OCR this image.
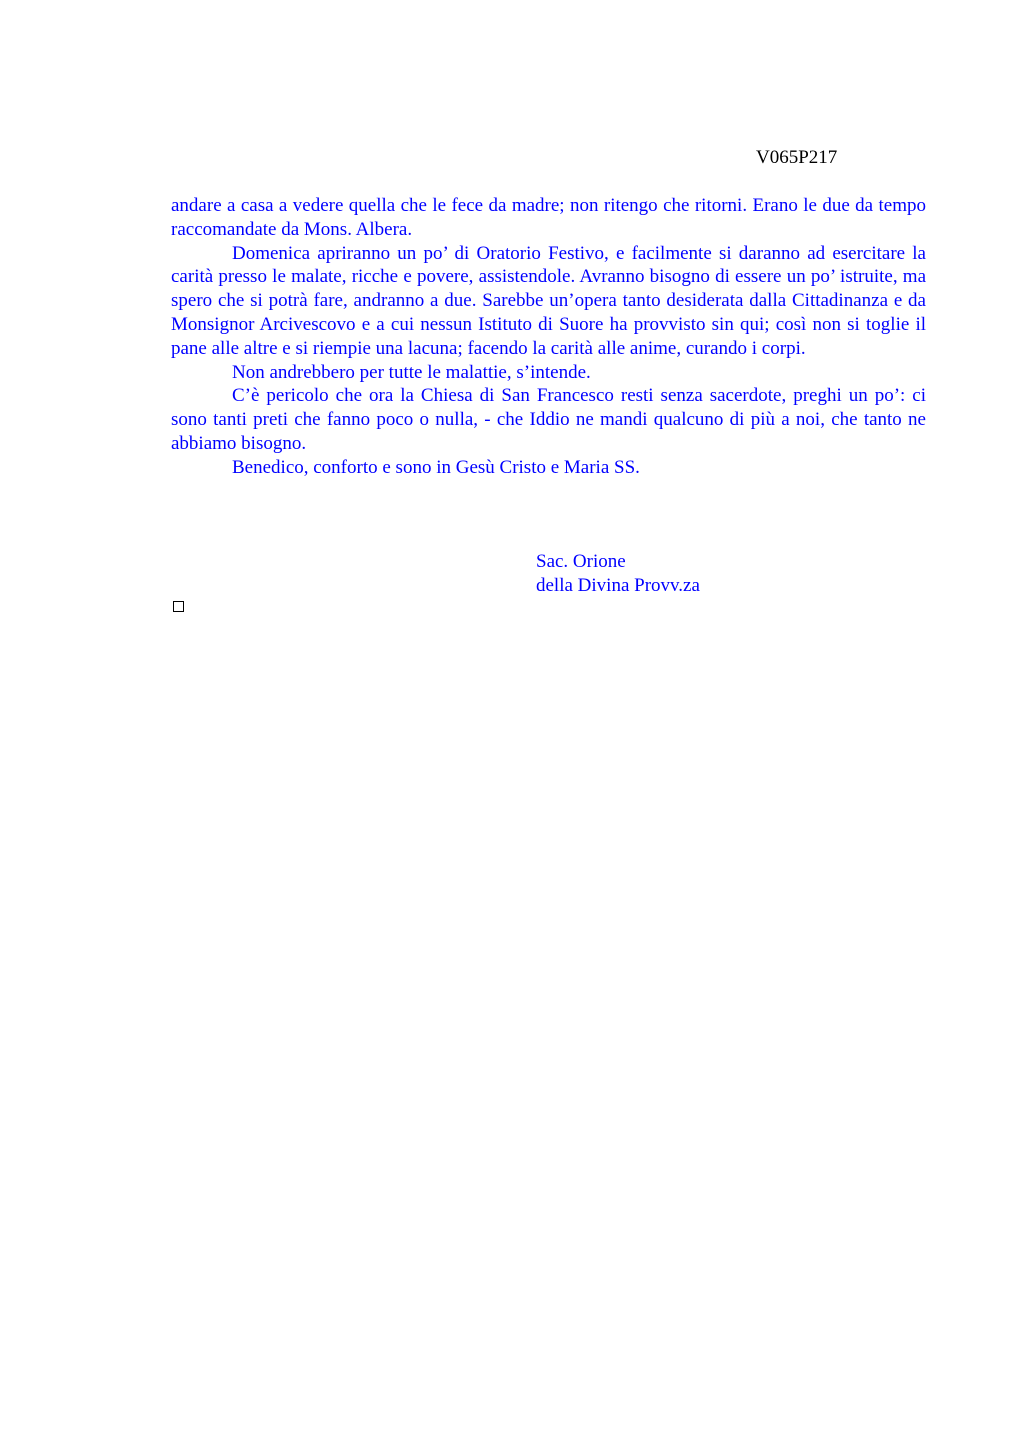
V065P217

andare a casa a vedere quella che le fece da madre; non ritengo che ritorni. Erano le due da tempo raccomandate da Mons. Albera.

Domenica apriranno un po’ di Oratorio Festivo, e facilmente si daranno ad esercitare la carità presso le malate, ricche e povere, assistendole. Avranno bisogno di essere un po’ istruite, ma spero che si potrà fare, andranno a due. Sarebbe un’opera tanto desiderata dalla Cittadinanza e da Monsignor Arcivescovo e a cui nessun Istituto di Suore ha provvisto sin qui; così non si toglie il pane alle altre e si riempie una lacuna; facendo la carità alle anime, curando i corpi.

Non andrebbero per tutte le malattie, s’intende.

C’è pericolo che ora la Chiesa di San Francesco resti senza sacerdote, preghi un po’: ci sono tanti preti che fanno poco o nulla, - che Iddio ne mandi qualcuno di più a noi, che tanto ne abbiamo bisogno.

Benedico, conforto e sono in Gesù Cristo e Maria SS.

Sac. Orione
della Divina Provv.za
